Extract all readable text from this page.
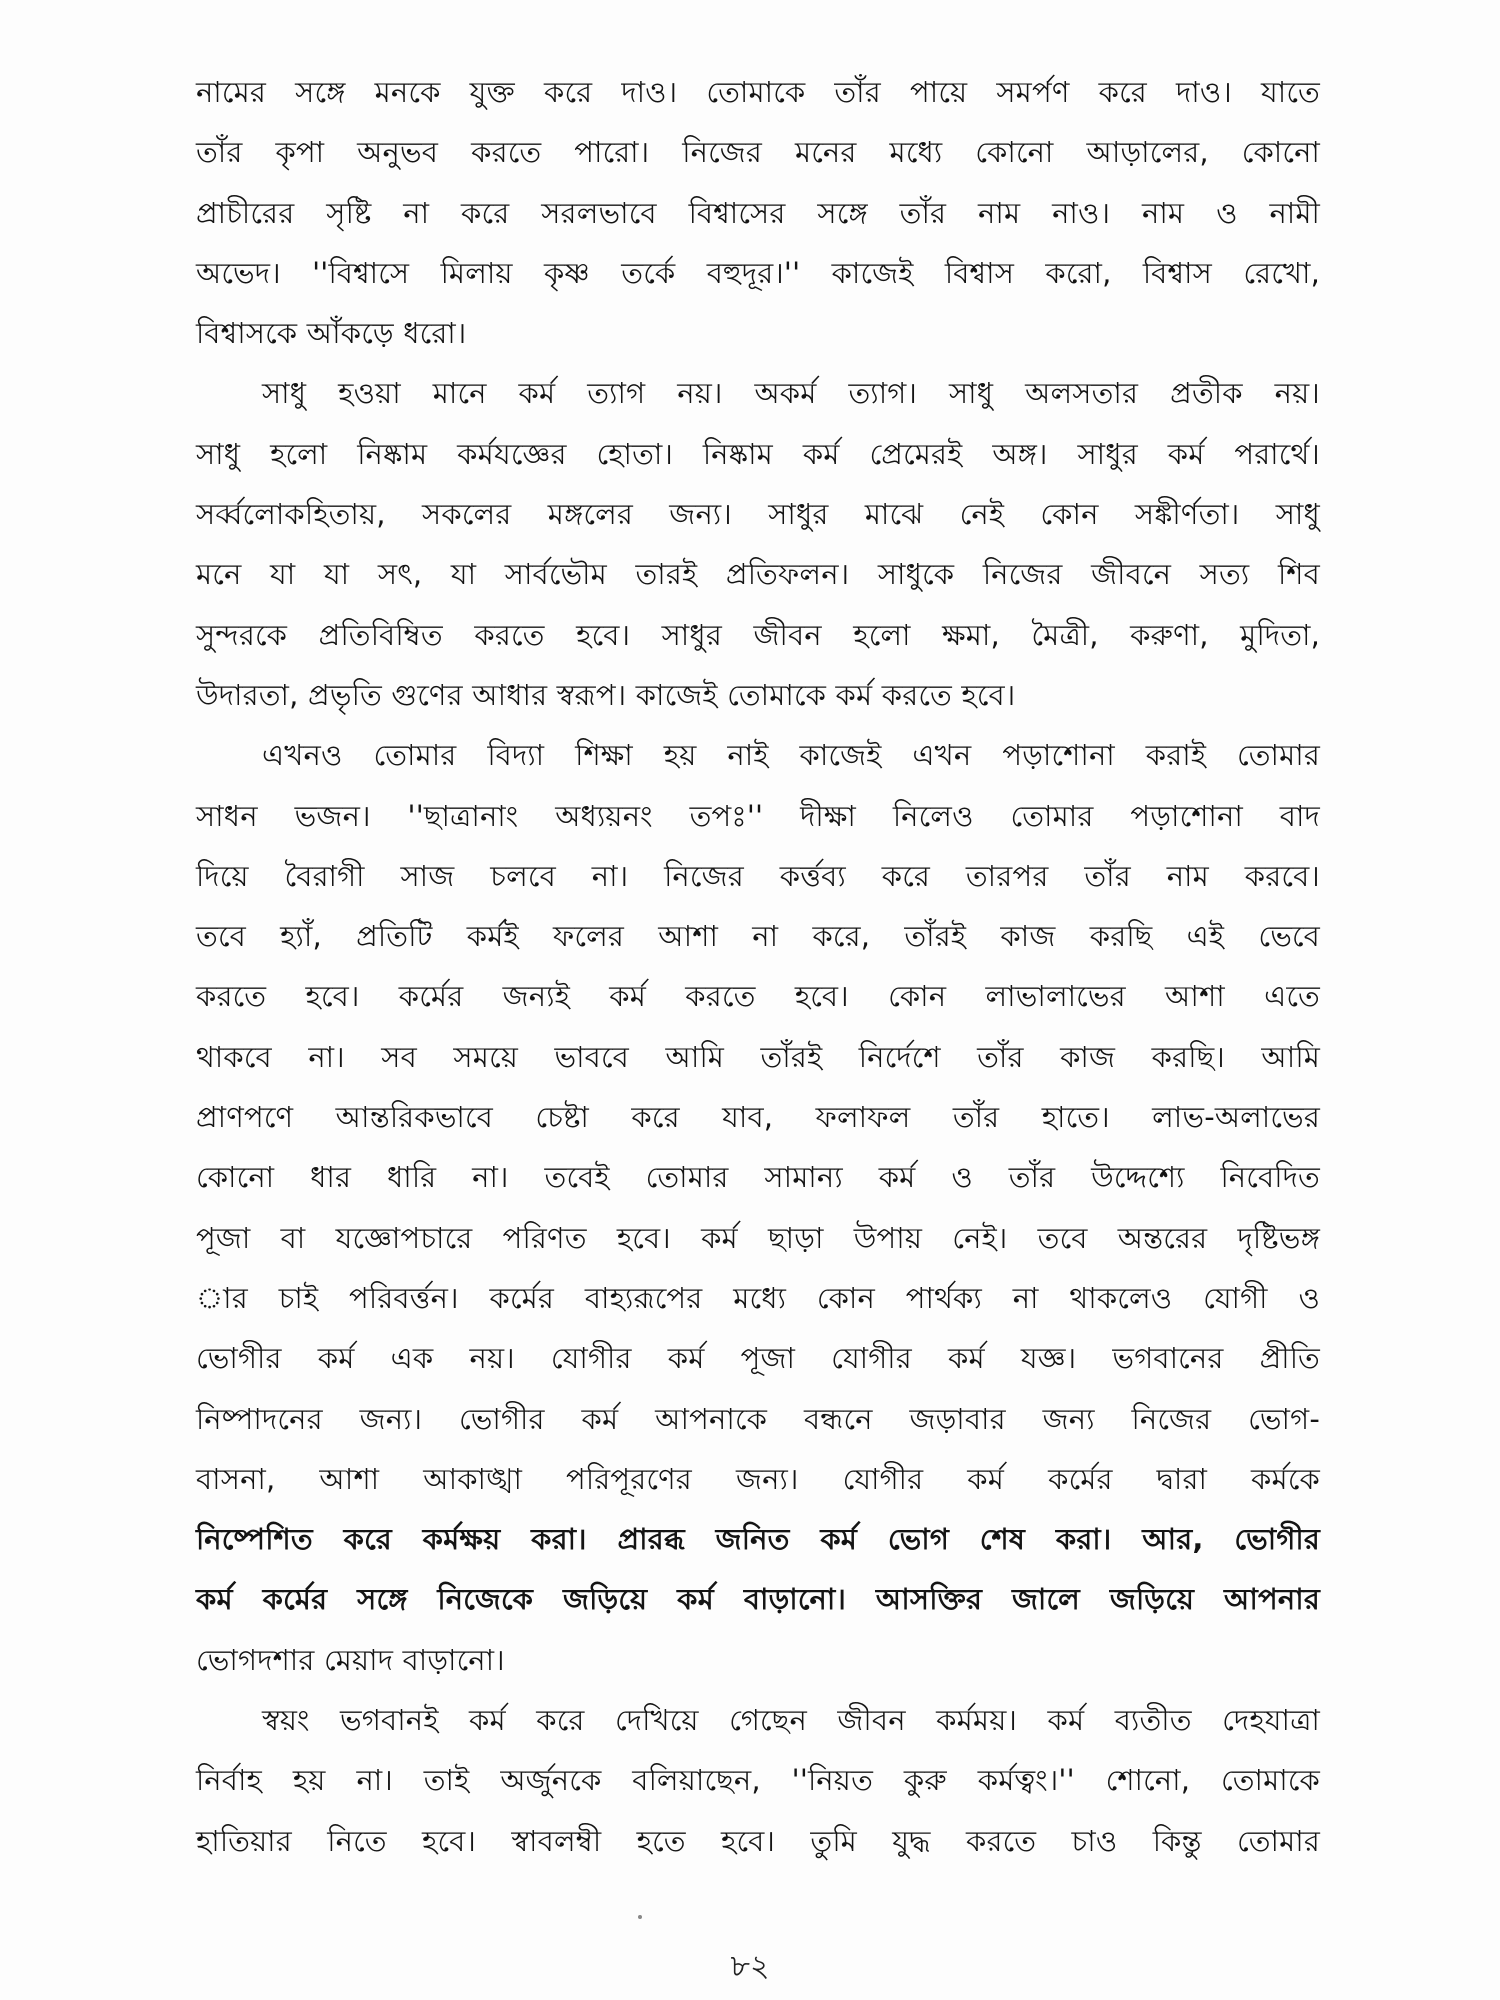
নামের সঙ্গে মনকে যুক্ত করে দাও। তোমাকে তাঁর পায়ে সমর্পণ করে দাও। যাতে
তাঁর কৃপা অনুভব করতে পারো। নিজের মনের মধ্যে কোনো আড়ালের, কোনো
প্রাচীরের সৃষ্টি না করে সরলভাবে বিশ্বাসের সঙ্গে তাঁর নাম নাও। নাম ও নামী
অভেদ। ''বিশ্বাসে মিলায় কৃষ্ণ তর্কে বহুদূর।'' কাজেই বিশ্বাস করো, বিশ্বাস রেখো,
বিশ্বাসকে আঁকড়ে ধরো।
সাধু হওয়া মানে কর্ম ত্যাগ নয়। অকর্ম ত্যাগ। সাধু অলসতার প্রতীক নয়।
সাধু হলো নিষ্কাম কর্মযজ্ঞের হোতা। নিষ্কাম কর্ম প্রেমেরই অঙ্গ। সাধুর কর্ম পরার্থে।
সর্ব্বলোকহিতায়, সকলের মঙ্গলের জন্য। সাধুর মাঝে নেই কোন সঙ্কীর্ণতা। সাধু
মনে যা যা সৎ, যা সার্বভৌম তারই প্রতিফলন। সাধুকে নিজের জীবনে সত্য শিব
সুন্দরকে প্রতিবিম্বিত করতে হবে। সাধুর জীবন হলো ক্ষমা, মৈত্রী, করুণা, মুদিতা,
উদারতা, প্রভৃতি গুণের আধার স্বরূপ। কাজেই তোমাকে কর্ম করতে হবে।
এখনও তোমার বিদ্যা শিক্ষা হয় নাই কাজেই এখন পড়াশোনা করাই তোমার
সাধন ভজন। ''ছাত্রানাং অধ্যয়নং তপঃ'' দীক্ষা নিলেও তোমার পড়াশোনা বাদ
দিয়ে বৈরাগী সাজ চলবে না। নিজের কর্ত্তব্য করে তারপর তাঁর নাম করবে।
তবে হ্যাঁ, প্রতিটি কর্মই ফলের আশা না করে, তাঁরই কাজ করছি এই ভেবে
করতে হবে। কর্মের জন্যই কর্ম করতে হবে। কোন লাভালাভের আশা এতে
থাকবে না। সব সময়ে ভাববে আমি তাঁরই নির্দেশে তাঁর কাজ করছি। আমি
প্রাণপণে আন্তরিকভাবে চেষ্টা করে যাব, ফলাফল তাঁর হাতে। লাভ-অলাভের
কোনো ধার ধারি না। তবেই তোমার সামান্য কর্ম ও তাঁর উদ্দেশ্যে নিবেদিত
পূজা বা যজ্ঞোপচারে পরিণত হবে। কর্ম ছাড়া উপায় নেই। তবে অন্তরের দৃষ্টিভঙ্গ
ার চাই পরিবর্ত্তন। কর্মের বাহ্যরূপের মধ্যে কোন পার্থক্য না থাকলেও যোগী ও
ভোগীর কর্ম এক নয়। যোগীর কর্ম পূজা যোগীর কর্ম যজ্ঞ। ভগবানের প্রীতি
নিষ্পাদনের জন্য। ভোগীর কর্ম আপনাকে বন্ধনে জড়াবার জন্য নিজের ভোগ-
বাসনা, আশা আকাঙ্খা পরিপূরণের জন্য। যোগীর কর্ম কর্মের দ্বারা কর্মকে
নিষ্পেশিত করে কর্মক্ষয় করা। প্রারব্ধ জনিত কর্ম ভোগ শেষ করা। আর, ভোগীর
কর্ম কর্মের সঙ্গে নিজেকে জড়িয়ে কর্ম বাড়ানো। আসক্তির জালে জড়িয়ে আপনার
ভোগদশার মেয়াদ বাড়ানো।
স্বয়ং ভগবানই কর্ম করে দেখিয়ে গেছেন জীবন কর্মময়। কর্ম ব্যতীত দেহযাত্রা
নির্বাহ হয় না। তাই অর্জুনকে বলিয়াছেন, ''নিয়ত কুরু কর্মত্বং।'' শোনো, তোমাকে
হাতিয়ার নিতে হবে। স্বাবলম্বী হতে হবে। তুমি যুদ্ধ করতে চাও কিন্তু তোমার
৮২
